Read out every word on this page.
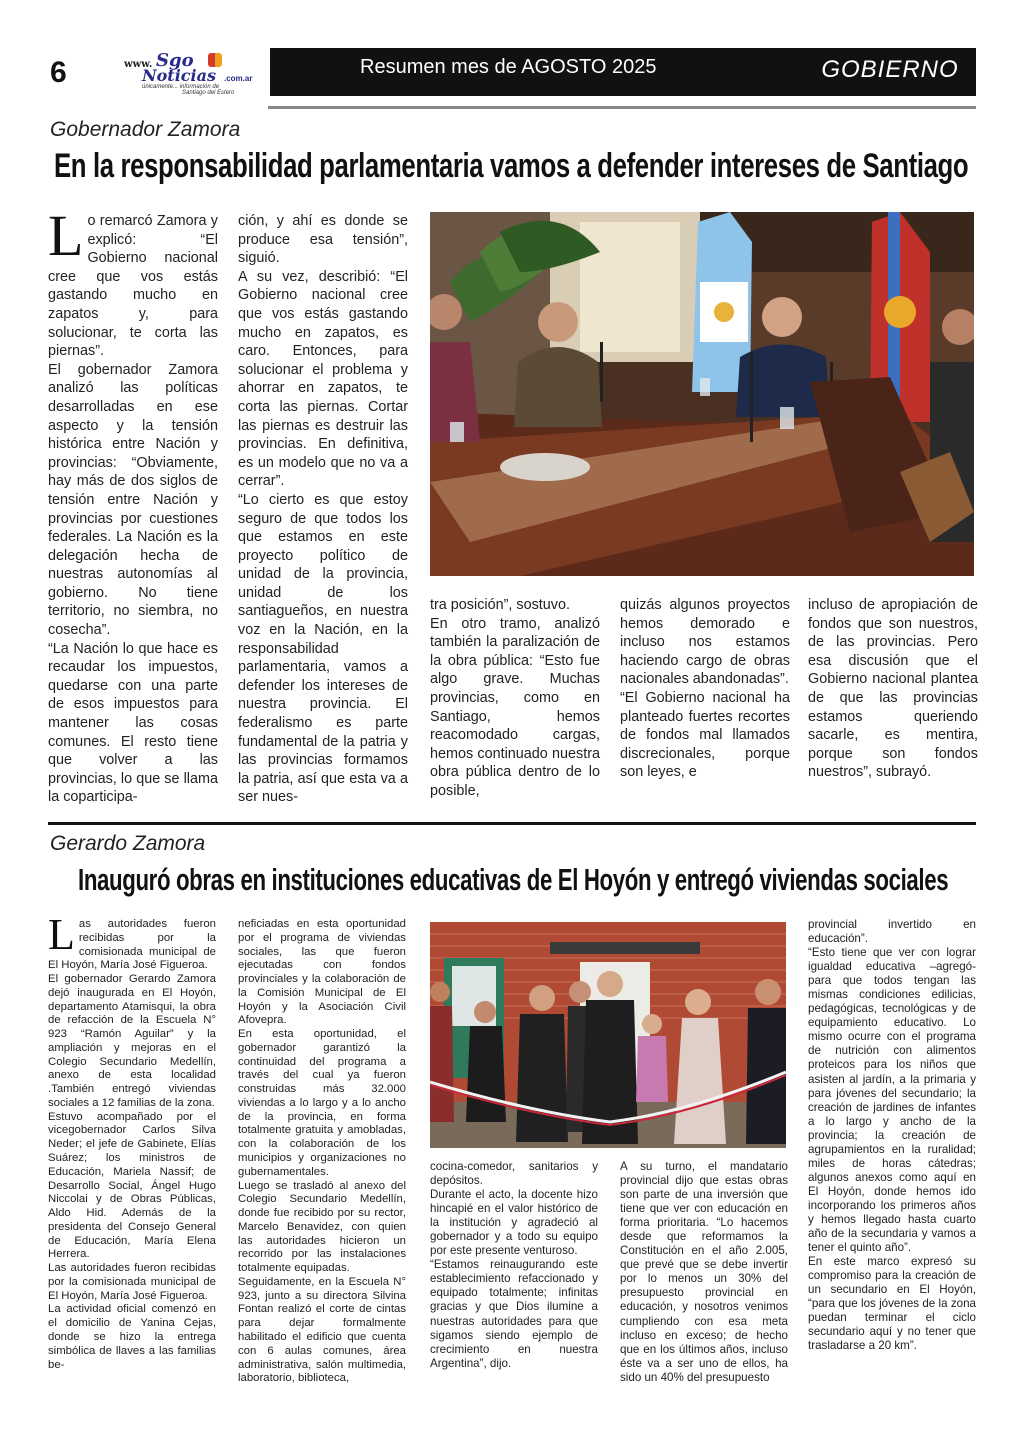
6	www. Sgo
Noticias .com.ar
únicamente... información de
Santiago del Estero
Resumen mes de AGOSTO 2025	GOBIERNO
Gobernador Zamora
En la responsabilidad parlamentaria vamos a defender intereses de Santiago
Lo remarcó Zamora y explicó: “El Gobierno nacional cree que vos estás gastando mucho en zapatos y, para solucionar, te corta las piernas”.
El gobernador Zamora analizó las políticas desarrolladas en ese aspecto y la tensión histórica entre Nación y provincias: “Obviamente, hay más de dos siglos de tensión entre Nación y provincias por cuestiones federales. La Nación es la delegación hecha de nuestras autonomías al gobierno. No tiene territorio, no siembra, no cosecha”.
“La Nación lo que hace es recaudar los impuestos, quedarse con una parte de esos impuestos para mantener las cosas comunes. El resto tiene que volver a las provincias, lo que se llama la coparticipa-
ción, y ahí es donde se produce esa tensión”, siguió.
A su vez, describió: “El Gobierno nacional cree que vos estás gastando mucho en zapatos, es caro. Entonces, para solucionar el problema y ahorrar en zapatos, te corta las piernas. Cortar las piernas es destruir las provincias. En definitiva, es un modelo que no va a cerrar”.
“Lo cierto es que estoy seguro de que todos los que estamos en este proyecto político de unidad de la provincia, unidad de los santiagueños, en nuestra voz en la Nación, en la responsabilidad parlamentaria, vamos a defender los intereses de nuestra provincia. El federalismo es parte fundamental de la patria y las provincias formamos la patria, así que esta va a ser nues-
tra posición”, sostuvo.
En otro tramo, analizó también la paralización de la obra pública: “Esto fue algo grave. Muchas provincias, como en Santiago, hemos reacomodado cargas, hemos continuado nuestra obra pública dentro de lo posible,
quizás algunos proyectos hemos demorado e incluso nos estamos haciendo cargo de obras nacionales abandonadas”.
“El Gobierno nacional ha planteado fuertes recortes de fondos mal llamados discrecionales, porque son leyes, e
incluso de apropiación de fondos que son nuestros, de las provincias. Pero esa discusión que el Gobierno nacional plantea de que las provincias estamos queriendo sacarle, es mentira, porque son fondos nuestros”, subrayó.
Gerardo Zamora
Inauguró obras en instituciones educativas de El Hoyón y entregó viviendas sociales
Las autoridades fueron recibidas por la comisionada municipal de El Hoyón, María José Figueroa.
El gobernador Gerardo Zamora dejó inaugurada en El Hoyón, departamento Atamisqui, la obra de refacción de la Escuela N° 923 “Ramón Aguilar” y la ampliación y mejoras en el Colegio Secundario Medellín, anexo de esta localidad .También entregó viviendas sociales a 12 familias de la zona.
Estuvo acompañado por el vicegobernador Carlos Silva Neder; el jefe de Gabinete, Elías Suárez; los ministros de Educación, Mariela Nassif; de Desarrollo Social, Ángel Hugo Niccolai y de Obras Públicas, Aldo Hid. Además de la presidenta del Consejo General de Educación, María Elena Herrera.
Las autoridades fueron recibidas por la comisionada municipal de El Hoyón, María José Figueroa.
La actividad oficial comenzó en el domicilio de Yanina Cejas, donde se hizo la entrega simbólica de llaves a las familias be-
neficiadas en esta oportunidad por el programa de viviendas sociales, las que fueron ejecutadas con fondos provinciales y la colaboración de la Comisión Municipal de El Hoyón y la Asociación Civil Afovepra.
En esta oportunidad, el gobernador garantizó la continuidad del programa a través del cual ya fueron construidas más 32.000 viviendas a lo largo y a lo ancho de la provincia, en forma totalmente gratuita y amobladas, con la colaboración de los municipios y organizaciones no gubernamentales.
Luego se trasladó al anexo del Colegio Secundario Medellín, donde fue recibido por su rector, Marcelo Benavidez, con quien las autoridades hicieron un recorrido por las instalaciones totalmente equipadas.
Seguidamente, en la Escuela N° 923, junto a su directora Silvina Fontan realizó el corte de cintas para dejar formalmente habilitado el edificio que cuenta con 6 aulas comunes, área administrativa, salón multimedia, laboratorio, biblioteca,
cocina-comedor, sanitarios y depósitos.
Durante el acto, la docente hizo hincapié en el valor histórico de la institución y agradeció al gobernador y a todo su equipo por este presente venturoso.
“Estamos reinaugurando este establecimiento refaccionado y equipado totalmente; infinitas gracias y que Dios ilumine a nuestras autoridades para que sigamos siendo ejemplo de crecimiento en nuestra Argentina”, dijo.
A su turno, el mandatario provincial dijo que estas obras son parte de una inversión que tiene que ver con educación en forma prioritaria. “Lo hacemos desde que reformamos la Constitución en el año 2.005, que prevé que se debe invertir por lo menos un 30% del presupuesto provincial en educación, y nosotros venimos cumpliendo con esa meta incluso en exceso; de hecho que en los últimos años, incluso éste va a ser uno de ellos, ha sido un 40% del presupuesto
provincial invertido en educación”.
“Esto tiene que ver con lograr igualdad educativa –agregó- para que todos tengan las mismas condiciones edilicias, pedagógicas, tecnológicas y de equipamiento educativo. Lo mismo ocurre con el programa de nutrición con alimentos proteicos para los niños que asisten al jardín, a la primaria y para jóvenes del secundario; la creación de jardines de infantes a lo largo y ancho de la provincia; la creación de agrupamientos en la ruralidad; miles de horas cátedras; algunos anexos como aquí en El Hoyón, donde hemos ido incorporando los primeros años y hemos llegado hasta cuarto año de la secundaria y vamos a tener el quinto año”.
En este marco expresó su compromiso para la creación de un secundario en El Hoyón, “para que los jóvenes de la zona puedan terminar el ciclo secundario aquí y no tener que trasladarse a 20 km”.
